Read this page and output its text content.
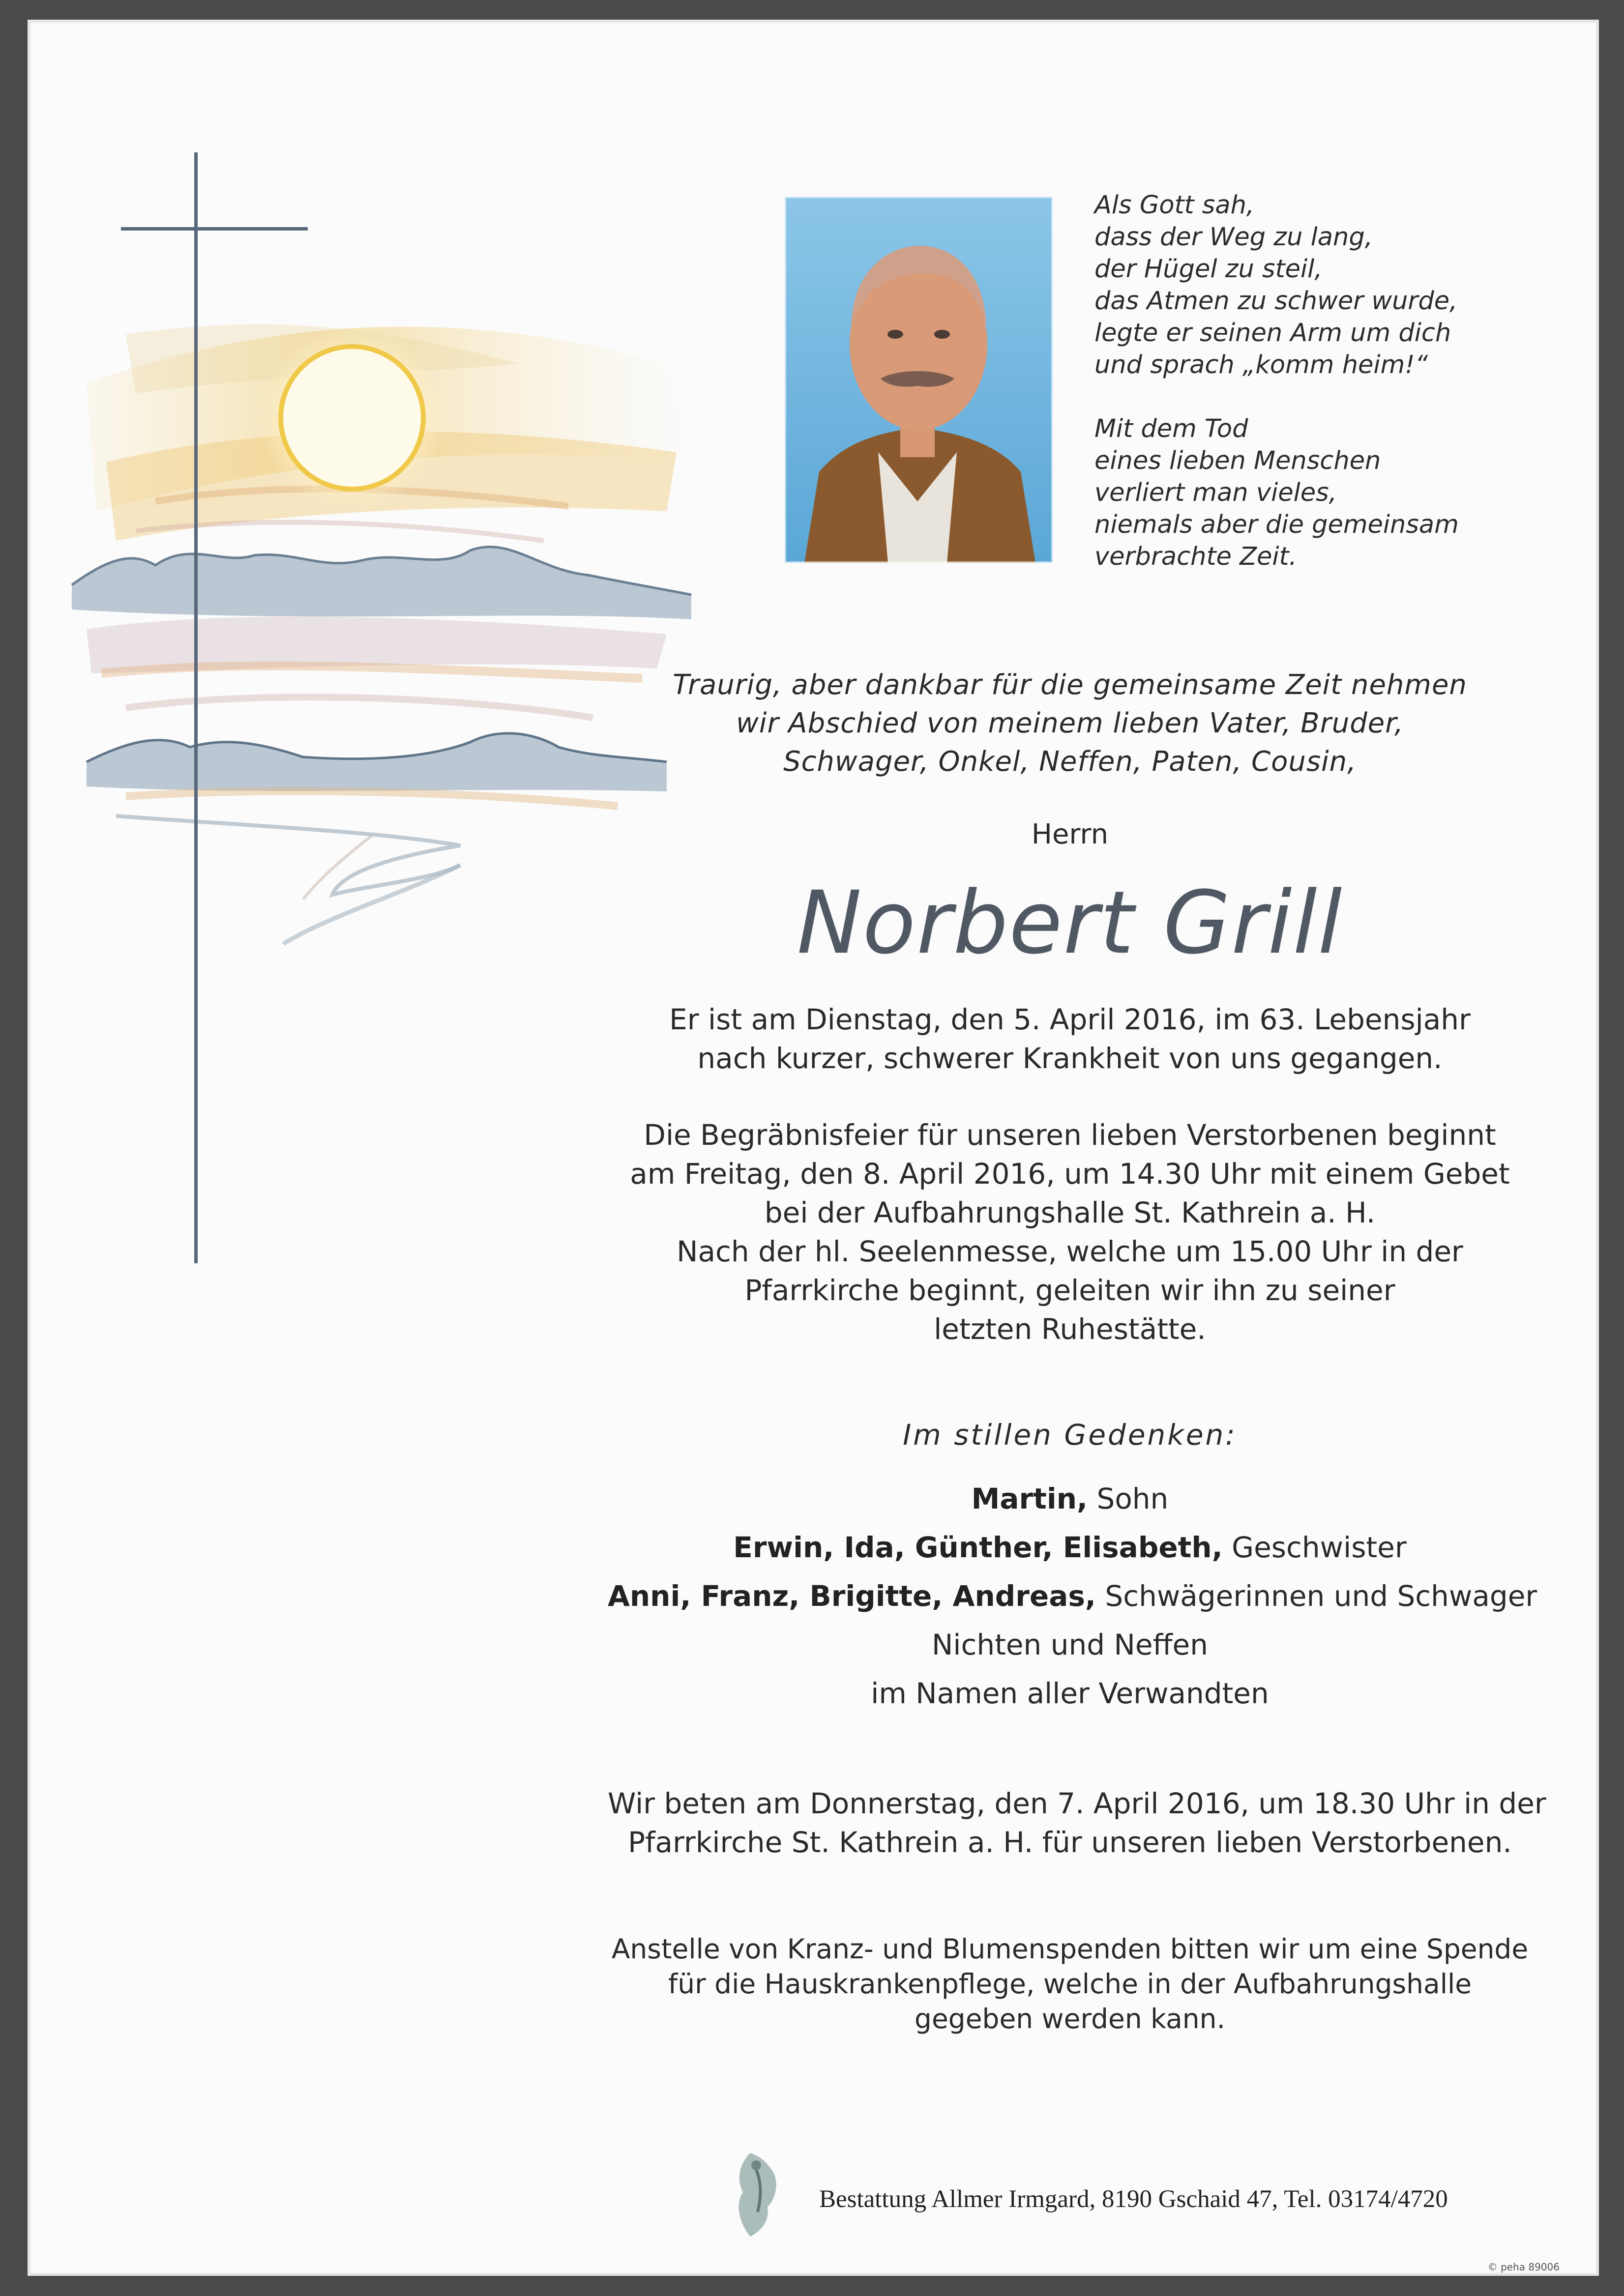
Als Gott sah,
dass der Weg zu lang,
der Hügel zu steil,
das Atmen zu schwer wurde,
legte er seinen Arm um dich
und sprach „komm heim!“
Mit dem Tod
eines lieben Menschen
verliert man vieles,
niemals aber die gemeinsam
verbrachte Zeit.
Traurig, aber dankbar für die gemeinsame Zeit nehmen
wir Abschied von meinem lieben Vater, Bruder,
Schwager, Onkel, Neffen, Paten, Cousin,
Herrn
Norbert Grill
Er ist am Dienstag, den 5. April 2016, im 63. Lebensjahr
nach kurzer, schwerer Krankheit von uns gegangen.
Die Begräbnisfeier für unseren lieben Verstorbenen beginnt
am Freitag, den 8. April 2016, um 14.30 Uhr mit einem Gebet
bei der Aufbahrungshalle St. Kathrein a. H.
Nach der hl. Seelenmesse, welche um 15.00 Uhr in der
Pfarrkirche beginnt, geleiten wir ihn zu seiner
letzten Ruhestätte.
Im stillen Gedenken:
Martin, Sohn
Erwin, Ida, Günther, Elisabeth, Geschwister
Anni, Franz, Brigitte, Andreas, Schwägerinnen und Schwager
Nichten und Neffen
im Namen aller Verwandten
Wir beten am Donnerstag, den 7. April 2016, um 18.30 Uhr in der
Pfarrkirche St. Kathrein a. H. für unseren lieben Verstorbenen.
Anstelle von Kranz- und Blumenspenden bitten wir um eine Spende
für die Hauskrankenpflege, welche in der Aufbahrungshalle
gegeben werden kann.
Bestattung Allmer Irmgard, 8190 Gschaid 47, Tel. 03174/4720
© peha 89006
